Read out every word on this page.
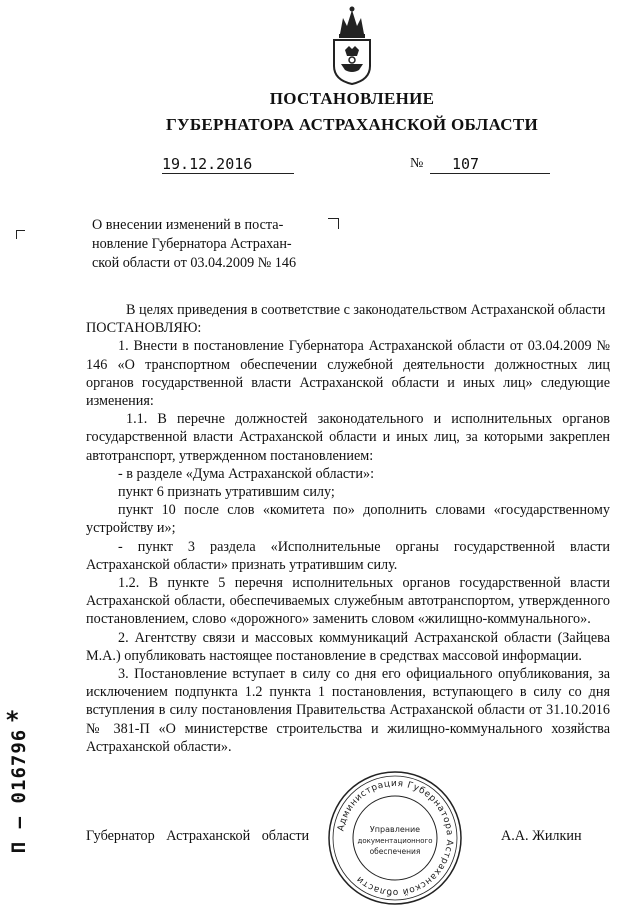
ПОСТАНОВЛЕНИЕ
ГУБЕРНАТОРА АСТРАХАНСКОЙ ОБЛАСТИ
19.12.2016	№	107
О внесении изменений в поста-
новление Губернатора Астрахан-
ской области от 03.04.2009 № 146

В целях приведения в соответствие с законодательством Астраханской области

ПОСТАНОВЛЯЮ:

1. Внести в постановление Губернатора Астраханской области от 03.04.2009 № 146 «О транспортном обеспечении служебной деятельности должностных лиц органов государственной власти Астраханской области и иных лиц» следующие изменения:

1.1. В перечне должностей законодательного и исполнительных органов государственной власти Астраханской области и иных лиц, за которыми закреплен автотранспорт, утвержденном постановлением:

- в разделе «Дума Астраханской области»:

пункт 6 признать утратившим силу;

пункт 10 после слов «комитета по» дополнить словами «государственному устройству и»;

- пункт 3 раздела «Исполнительные органы государственной власти Астраханской области» признать утратившим силу.

1.2. В пункте 5 перечня исполнительных органов государственной власти Астраханской области, обеспечиваемых служебным автотранспортом, утвержденного постановлением, слово «дорожного» заменить словом «жилищно-коммунального».

2. Агентству связи и массовых коммуникаций Астраханской области (Зайцева М.А.) опубликовать настоящее постановление в средствах массовой информации.

3. Постановление вступает в силу со дня его официального опубликования, за исключением подпункта 1.2 пункта 1 постановления, вступающего в силу со дня вступления в силу постановления Правительства Астраханской области от 31.10.2016 № 381-П «О министерстве строительства и жилищно-коммунального хозяйства Астраханской области».

Губернатор Астраханской области	А.А. Жилкин
Администрация Губернатора Астраханской области
Управление
документационного
обеспечения
*
П – 016796
